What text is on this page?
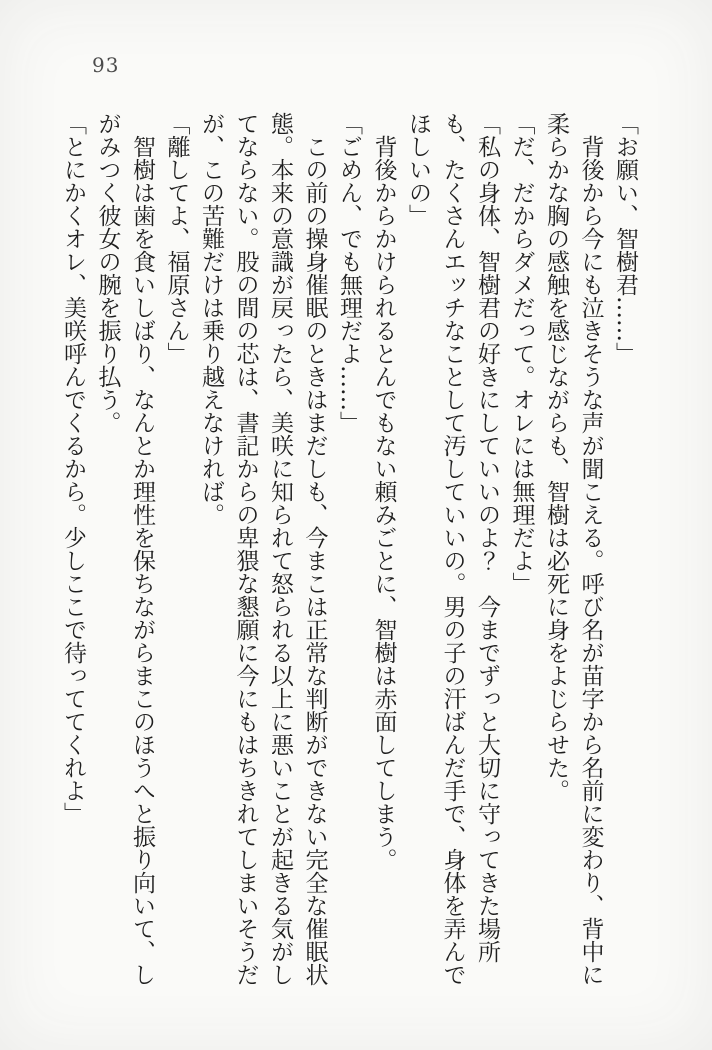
93

「お願い、智樹君……」

背後から今にも泣きそうな声が聞こえる。呼び名が苗字から名前に変わり、背中に柔らかな胸の感触を感じながらも、智樹は必死に身をよじらせた。

「だ、だからダメだって。オレには無理だよ」

「私の身体、智樹君の好きにしていいのよ？　今までずっと大切に守ってきた場所も、たくさんエッチなことして汚していいの。男の子の汗ばんだ手で、身体を弄んでほしいの」

背後からかけられるとんでもない頼みごとに、智樹は赤面してしまう。

「ごめん、でも無理だよ……」

この前の操身催眠のときはまだしも、今まこは正常な判断ができない完全な催眠状態。本来の意識が戻ったら、美咲に知られて怒られる以上に悪いことが起きる気がしてならない。股の間の芯は、書記からの卑猥な懇願に今にもはちきれてしまいそうだが、この苦難だけは乗り越えなければ。

「離してよ、福原さん」

智樹は歯を食いしばり、なんとか理性を保ちながらまこのほうへと振り向いて、しがみつく彼女の腕を振り払う。

「とにかくオレ、美咲呼んでくるから。少しここで待っててくれよ」
